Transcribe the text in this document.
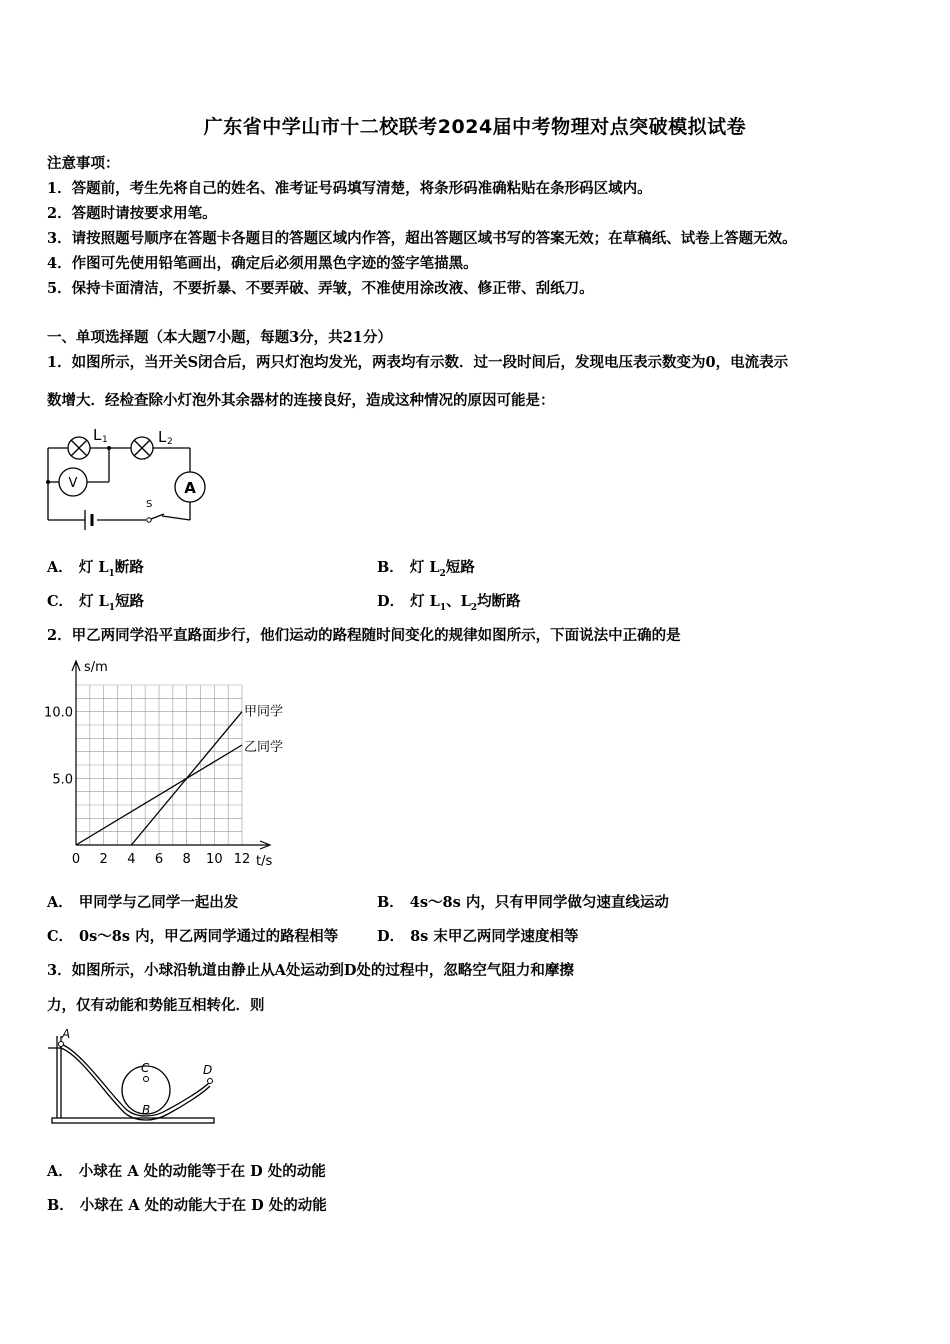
广东省中学山市十二校联考2024届中考物理对点突破模拟试卷
注意事项：
1．答题前，考生先将自己的姓名、准考证号码填写清楚，将条形码准确粘贴在条形码区域内。
2．答题时请按要求用笔。
3．请按照题号顺序在答题卡各题目的答题区域内作答，超出答题区域书写的答案无效；在草稿纸、试卷上答题无效。
4．作图可先使用铅笔画出，确定后必须用黑色字迹的签字笔描黑。
5．保持卡面清洁，不要折暴、不要弄破、弄皱，不准使用涂改液、修正带、刮纸刀。
一、单项选择题（本大题7小题，每题3分，共21分）
1．如图所示，当开关S闭合后，两只灯泡均发光，两表均有示数．过一段时间后，发现电压表示数变为0，电流表示
数增大．经检查除小灯泡外其余器材的连接良好，造成这种情况的原因可能是：
L 1	L 2
V	A
S
A． 灯 $L_1$断路	B． 灯 $L_2$短路
C． 灯 $L_1$短路	D． 灯 $L_1$、$L_2$均断路
2．甲乙两同学沿平直路面步行，他们运动的路程随时间变化的规律如图所示，下面说法中正确的是
0 2 4 6 8 10 12
5.0
10.0
t/s
s/m
甲同学
乙同学
A． 甲同学与乙同学一起出发	B． 4s～8s 内，只有甲同学做匀速直线运动
C． 0s～8s 内，甲乙两同学通过的路程相等	D． 8s 末甲乙两同学速度相等
3．如图所示，小球沿轨道由静止从A处运动到D处的过程中，忽略空气阻力和摩擦
力，仅有动能和势能互相转化．则
A
C
B
D
A． 小球在 A 处的动能等于在 D 处的动能
B． 小球在 A 处的动能大于在 D 处的动能
